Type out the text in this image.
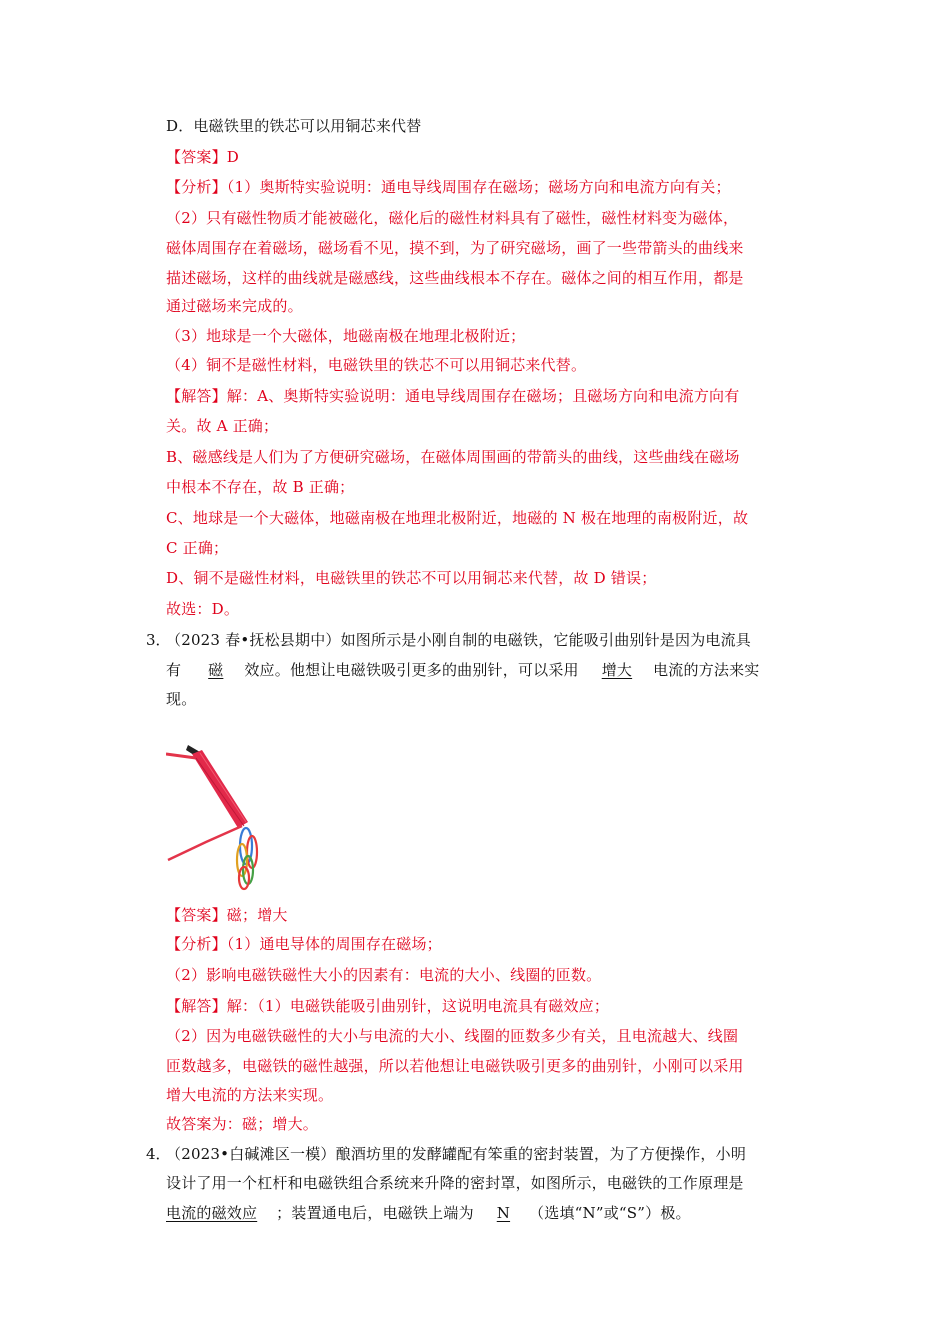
D．电磁铁里的铁芯可以用铜芯来代替
【答案】D
【分析】（1）奥斯特实验说明：通电导线周围存在磁场；磁场方向和电流方向有关；
（2）只有磁性物质才能被磁化，磁化后的磁性材料具有了磁性，磁性材料变为磁体，
磁体周围存在着磁场，磁场看不见，摸不到，为了研究磁场，画了一些带箭头的曲线来
描述磁场，这样的曲线就是磁感线，这些曲线根本不存在。磁体之间的相互作用，都是
通过磁场来完成的。
（3）地球是一个大磁体，地磁南极在地理北极附近；
（4）铜不是磁性材料，电磁铁里的铁芯不可以用铜芯来代替。
【解答】解：A、奥斯特实验说明：通电导线周围存在磁场；且磁场方向和电流方向有
关。故 A 正确；
B、磁感线是人们为了方便研究磁场，在磁体周围画的带箭头的曲线，这些曲线在磁场
中根本不存在，故 B 正确；
C、地球是一个大磁体，地磁南极在地理北极附近，地磁的 N 极在地理的南极附近，故
C 正确；
D、铜不是磁性材料，电磁铁里的铁芯不可以用铜芯来代替，故 D 错误；
故选：D。
3．
（2023 春•抚松县期中）如图所示是小刚自制的电磁铁，它能吸引曲别针是因为电流具
有 磁 效应。他想让电磁铁吸引更多的曲别针，可以采用 增大 电流的方法来实
现。
【答案】磁；增大
【分析】（1）通电导体的周围存在磁场；
（2）影响电磁铁磁性大小的因素有：电流的大小、线圈的匝数。
【解答】解：（1）电磁铁能吸引曲别针，这说明电流具有磁效应；
（2）因为电磁铁磁性的大小与电流的大小、线圈的匝数多少有关，且电流越大、线圈
匝数越多，电磁铁的磁性越强，所以若他想让电磁铁吸引更多的曲别针，小刚可以采用
增大电流的方法来实现。
故答案为：磁；增大。
4．
（2023•白碱滩区一模）酿酒坊里的发酵罐配有笨重的密封装置，为了方便操作，小明
设计了用一个杠杆和电磁铁组合系统来升降的密封罩，如图所示，电磁铁的工作原理是
电流的磁效应 ；装置通电后，电磁铁上端为 N （选填“N”或“S”）极。
